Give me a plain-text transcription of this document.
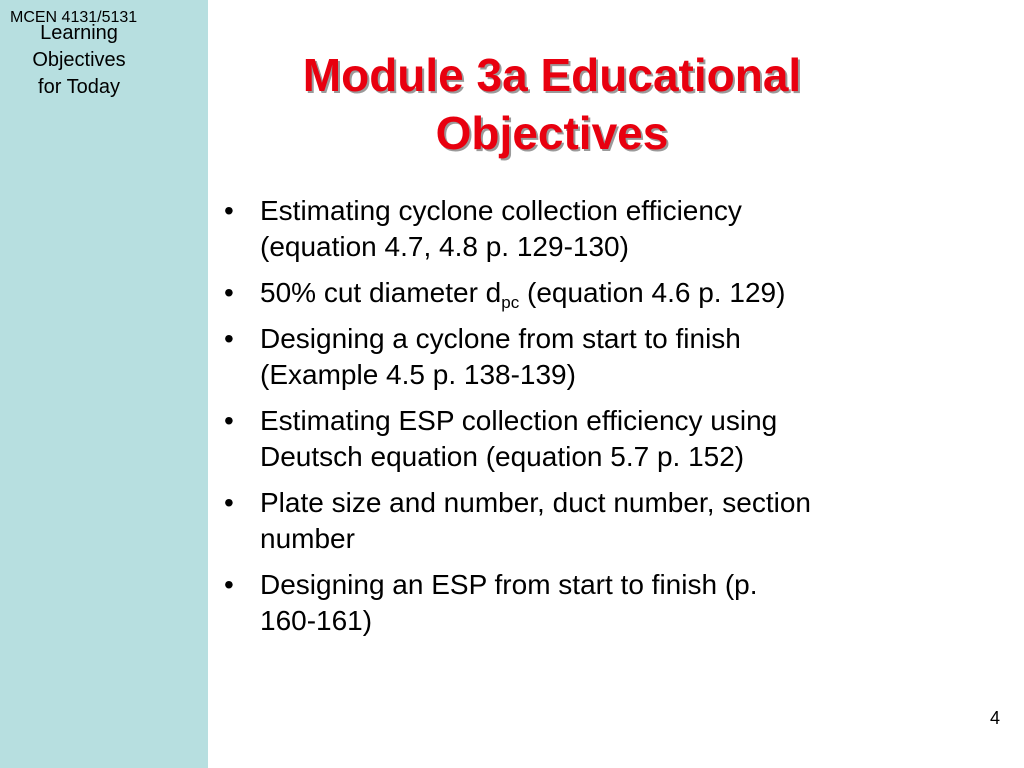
MCEN 4131/5131
Learning
Objectives
for Today	Module 3a Educational
Objectives
• Estimating cyclone collection efficiency
(equation 4.7, 4.8 p. 129-130)
• 50% cut diameter $d_{pc}$ (equation 4.6 p. 129)
• Designing a cyclone from start to finish
(Example 4.5 p. 138-139)
• Estimating ESP collection efficiency using
Deutsch equation (equation 5.7 p. 152)
• Plate size and number, duct number, section
number
• Designing an ESP from start to finish (p.
160-161)
4
